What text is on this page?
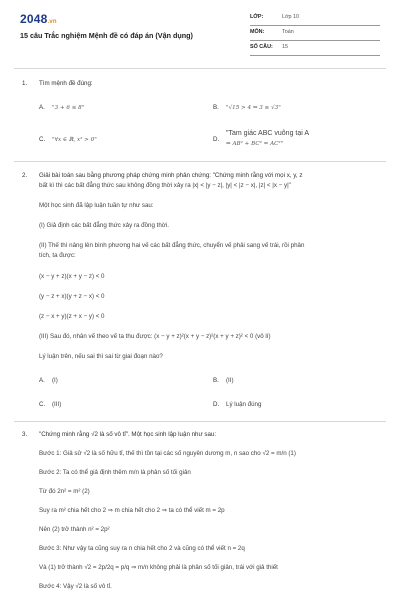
2048.vn
15 câu Trắc nghiệm Mệnh đề có đáp án (Vận dụng)
LỚP:	Lớp 10
MÔN:	Toán
SỐ CÂU:	15
1. Tìm mệnh đề đúng:
A. "3 + 6 ≤ 8"	B. "√15 > 4 ⇒ 3 ≥ √3"
C. "∀x ∈ ℝ, x² > 0"	D.
"Tam giác ABC vuông tại A
⇔ AB² + BC² = AC²"
2. Giải bài toán sau bằng phương pháp chứng minh phản chứng: "Chứng minh rằng với mọi x, y, z
bất kì thì các bất đẳng thức sau không đồng thời xảy ra |x| < |y − z|, |y| < |z − x|, |z| < |x − y|"
Một học sinh đã lập luận tuần tự như sau:
(I) Giả định các bất đẳng thức xảy ra đồng thời.
(II) Thế thì nâng lên bình phương hai vế các bất đẳng thức, chuyển vế phải sang vế trái, rồi phân
tích, ta được:
(x − y + z)(x + y − z) < 0
(y − z + x)(y + z − x) < 0
(z − x + y)(z + x − y) < 0
(III) Sau đó, nhân vế theo vế ta thu được: (x − y + z)²(x + y − z)²(x + y + z)² < 0 (vô lí)
Lý luận trên, nếu sai thì sai từ giai đoạn nào?
A. (I)	B. (II)
C. (III)	D. Lý luận đúng
3. "Chứng minh rằng √2 là số vô tỉ". Một học sinh lập luận như sau:
Bước 1: Giả sử √2 là số hữu tỉ, thế thì tồn tại các số nguyên dương m, n sao cho √2 = m/n (1)
Bước 2: Ta có thể giả định thêm m/n là phân số tối giản
Từ đó 2n² = m² (2)
Suy ra m² chia hết cho 2 ⇒ m chia hết cho 2 ⇒ ta có thể viết m = 2p
Nên (2) trở thành n² = 2p²
Bước 3: Như vậy ta cũng suy ra n chia hết cho 2 và cũng có thể viết n = 2q
Và (1) trở thành √2 = 2p/2q = p/q ⇒ m/n không phải là phân số tối giản, trái với giả thiết
Bước 4: Vậy √2 là số vô tỉ.
